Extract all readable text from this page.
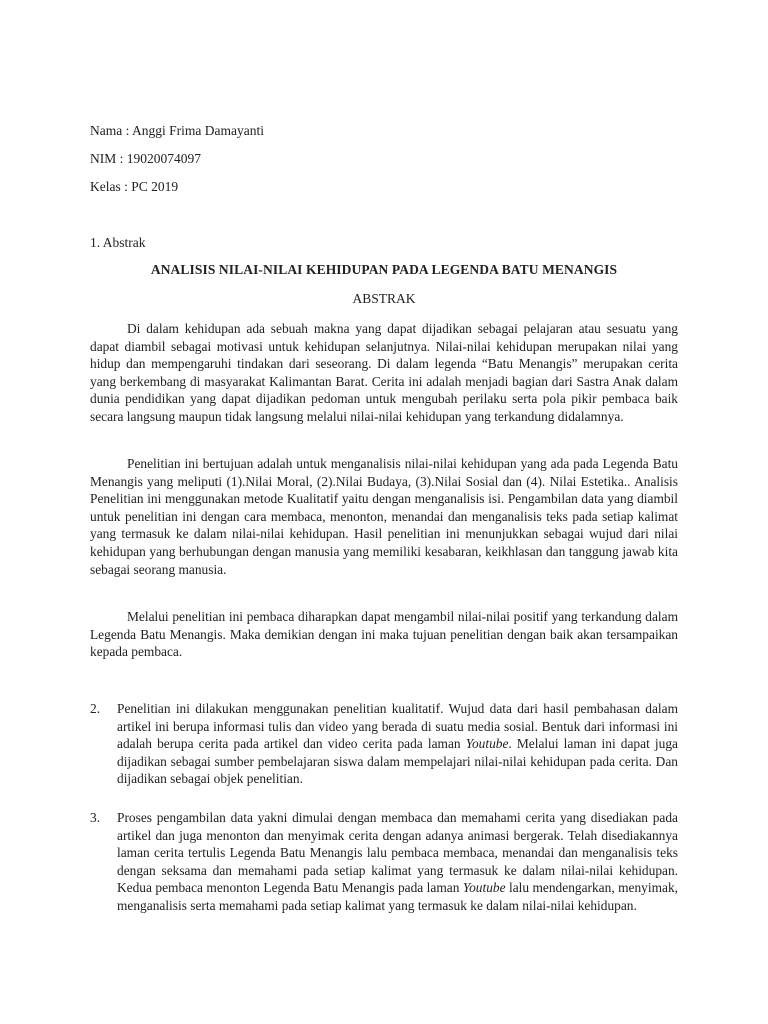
Nama : Anggi Frima Damayanti
NIM : 19020074097
Kelas : PC 2019
1. Abstrak
ANALISIS NILAI-NILAI KEHIDUPAN PADA LEGENDA BATU MENANGIS
ABSTRAK

Di dalam kehidupan ada sebuah makna yang dapat dijadikan sebagai pelajaran atau sesuatu yang dapat diambil sebagai motivasi untuk kehidupan selanjutnya. Nilai-nilai kehidupan merupakan nilai yang hidup dan mempengaruhi tindakan dari seseorang. Di dalam legenda “Batu Menangis” merupakan cerita yang berkembang di masyarakat Kalimantan Barat. Cerita ini adalah menjadi bagian dari Sastra Anak dalam dunia pendidikan yang dapat dijadikan pedoman untuk mengubah perilaku serta pola pikir pembaca baik secara langsung maupun tidak langsung melalui nilai-nilai kehidupan yang terkandung didalamnya.

Penelitian ini bertujuan adalah untuk menganalisis nilai-nilai kehidupan yang ada pada Legenda Batu Menangis yang meliputi (1).Nilai Moral, (2).Nilai Budaya, (3).Nilai Sosial dan (4). Nilai Estetika.. Analisis Penelitian ini menggunakan metode Kualitatif yaitu dengan menganalisis isi. Pengambilan data yang diambil untuk penelitian ini dengan cara membaca, menonton, menandai dan menganalisis teks pada setiap kalimat yang termasuk ke dalam nilai-nilai kehidupan. Hasil penelitian ini menunjukkan sebagai wujud dari nilai kehidupan yang berhubungan dengan manusia yang memiliki kesabaran, keikhlasan dan tanggung jawab kita sebagai seorang manusia.

Melalui penelitian ini pembaca diharapkan dapat mengambil nilai-nilai positif yang terkandung dalam Legenda Batu Menangis. Maka demikian dengan ini maka tujuan penelitian dengan baik akan tersampaikan kepada pembaca.

2. Penelitian ini dilakukan menggunakan penelitian kualitatif. Wujud data dari hasil pembahasan dalam artikel ini berupa informasi tulis dan video yang berada di suatu media sosial. Bentuk dari informasi ini adalah berupa cerita pada artikel dan video cerita pada laman Youtube. Melalui laman ini dapat juga dijadikan sebagai sumber pembelajaran siswa dalam mempelajari nilai-nilai kehidupan pada cerita. Dan dijadikan sebagai objek penelitian.
3. Proses pengambilan data yakni dimulai dengan membaca dan memahami cerita yang disediakan pada artikel dan juga menonton dan menyimak cerita dengan adanya animasi bergerak. Telah disediakannya laman cerita tertulis Legenda Batu Menangis lalu pembaca membaca, menandai dan menganalisis teks dengan seksama dan memahami pada setiap kalimat yang termasuk ke dalam nilai-nilai kehidupan. Kedua pembaca menonton Legenda Batu Menangis pada laman Youtube lalu mendengarkan, menyimak, menganalisis serta memahami pada setiap kalimat yang termasuk ke dalam nilai-nilai kehidupan.
